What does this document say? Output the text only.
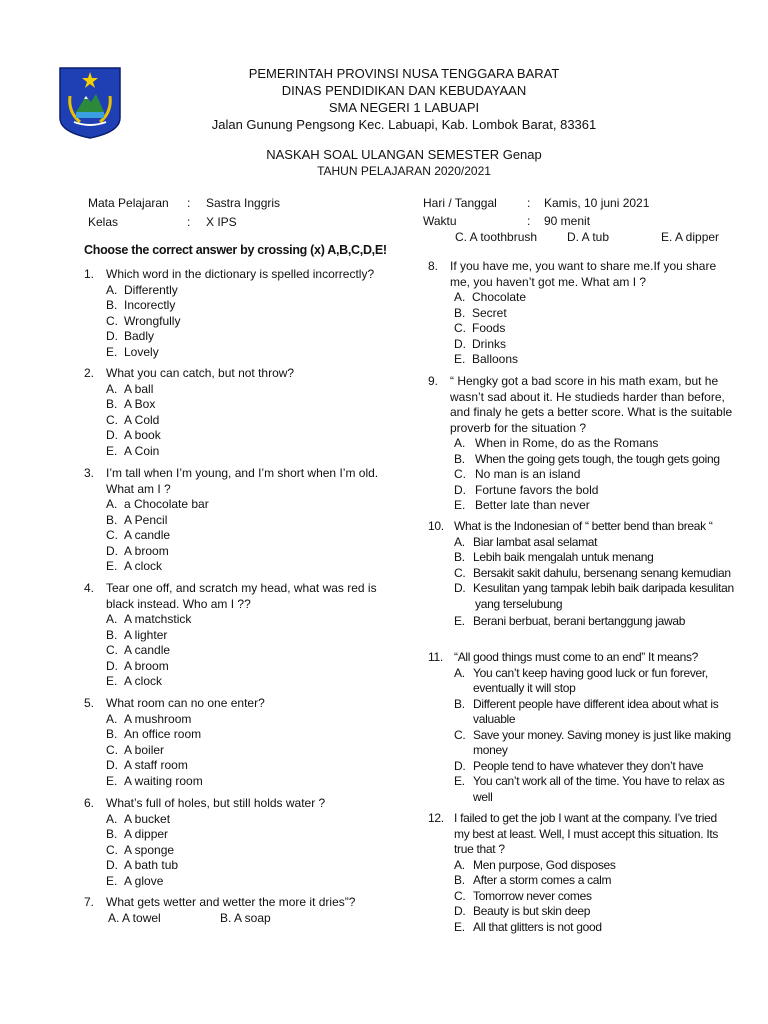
PEMERINTAH PROVINSI NUSA TENGGARA BARAT
DINAS PENDIDIKAN DAN KEBUDAYAAN
SMA NEGERI 1 LABUAPI
Jalan Gunung Pengsong Kec. Labuapi, Kab. Lombok Barat, 83361
NASKAH SOAL ULANGAN SEMESTER Genap
TAHUN PELAJARAN 2020/2021
Mata Pelajaran : Sastra Inggris
Kelas	: X IPS
Hari / Tanggal	: Kamis, 10 juni 2021
Waktu	: 90 menit
C. A toothbrush D. A tub	E. A dipper
Choose the correct answer by crossing (x) A,B,C,D,E!
1. Which word in the dictionary is spelled incorrectly?
A. Differently
B. Incorectly
C. Wrongfully
D. Badly
E. Lovely
2. What you can catch, but not throw?
A. A ball
B. A Box
C. A Cold
D. A book
E. A Coin
3. I’m tall when I’m young, and I’m short when I’m old.
What am I ?
A. a Chocolate bar
B. A Pencil
C. A candle
D. A broom
E. A clock
4. Tear one off, and scratch my head, what was red is
black instead. Who am I ??
A. A matchstick
B. A lighter
C. A candle
D. A broom
E. A clock
5. What room can no one enter?
A. A mushroom
B. An office room
C. A boiler
D. A staff room
E. A waiting room
6. What’s full of holes, but still holds water ?
A. A bucket
B. A dipper
C. A sponge
D. A bath tub
E. A glove
7. What gets wetter and wetter the more it dries”?
A. A towel	B. A soap
8. If you have me, you want to share me.If you share
me, you haven’t got me. What am I ?
A. Chocolate
B. Secret
C. Foods
D. Drinks
E. Balloons
9. “ Hengky got a bad score in his math exam, but he
wasn’t sad about it. He studieds harder than before,
and finaly he gets a better score. What is the suitable
proverb for the situation ?
A. When in Rome, do as the Romans
B. When the going gets tough, the tough gets going
C. No man is an island
D. Fortune favors the bold
E. Better late than never
10. What is the Indonesian of “ better bend than break “
A. Biar lambat asal selamat
B. Lebih baik mengalah untuk menang
C. Bersakit sakit dahulu, bersenang senang kemudian
D. Kesulitan yang tampak lebih baik daripada kesulitan
yang terselubung
E. Berani berbuat, berani bertanggung jawab
11. “All good things must come to an end” It means?
A. You can’t keep having good luck or fun forever,
eventually it will stop
B. Different people have different idea about what is
valuable
C. Save your money. Saving money is just like making
money
D. People tend to have whatever they don’t have
E. You can’t work all of the time. You have to relax as
well
12. I failed to get the job I want at the company. I’ve tried
my best at least. Well, I must accept this situation. Its
true that ?
A. Men purpose, God disposes
B. After a storm comes a calm
C. Tomorrow never comes
D. Beauty is but skin deep
E. All that glitters is not good
